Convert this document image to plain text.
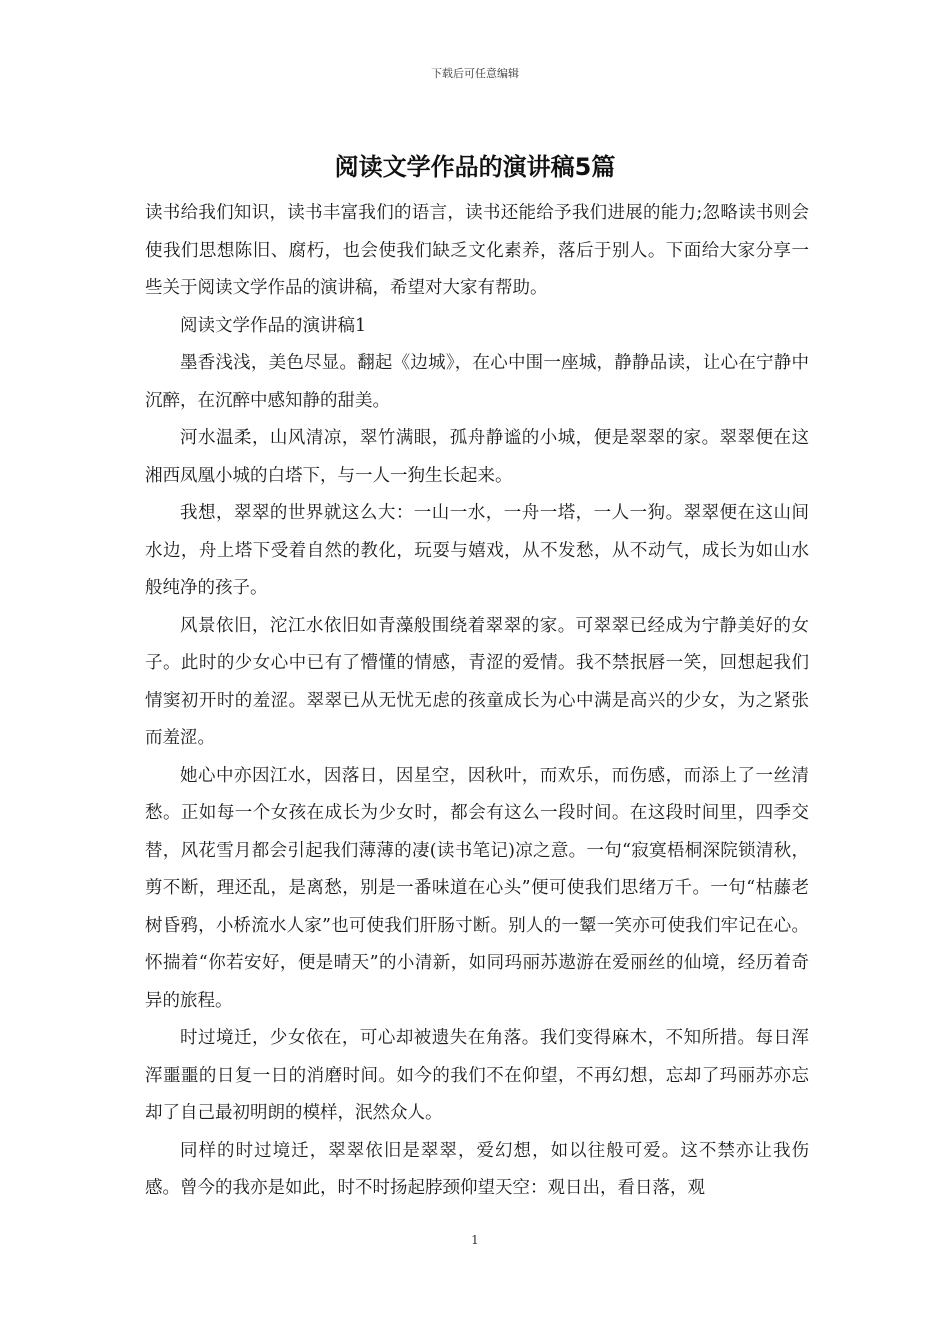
下载后可任意编辑
阅读文学作品的演讲稿5篇

读书给我们知识，读书丰富我们的语言，读书还能给予我们进展的能力;忽略读书则会使我们思想陈旧、腐朽，也会使我们缺乏文化素养，落后于别人。下面给大家分享一些关于阅读文学作品的演讲稿，希望对大家有帮助。

阅读文学作品的演讲稿1

墨香浅浅，美色尽显。翻起《边城》，在心中围一座城，静静品读，让心在宁静中沉醉，在沉醉中感知静的甜美。

河水温柔，山风清凉，翠竹满眼，孤舟静谧的小城，便是翠翠的家。翠翠便在这湘西凤凰小城的白塔下，与一人一狗生长起来。

我想，翠翠的世界就这么大：一山一水，一舟一塔，一人一狗。翠翠便在这山间水边，舟上塔下受着自然的教化，玩耍与嬉戏，从不发愁，从不动气，成长为如山水般纯净的孩子。

风景依旧，沱江水依旧如青藻般围绕着翠翠的家。可翠翠已经成为宁静美好的女子。此时的少女心中已有了懵懂的情感，青涩的爱情。我不禁抿唇一笑，回想起我们情窦初开时的羞涩。翠翠已从无忧无虑的孩童成长为心中满是高兴的少女，为之紧张而羞涩。

她心中亦因江水，因落日，因星空，因秋叶，而欢乐，而伤感，而添上了一丝清愁。正如每一个女孩在成长为少女时，都会有这么一段时间。在这段时间里，四季交替，风花雪月都会引起我们薄薄的凄(读书笔记)凉之意。一句“寂寞梧桐深院锁清秋，剪不断，理还乱，是离愁，别是一番味道在心头”便可使我们思绪万千。一句“枯藤老树昏鸦，小桥流水人家”也可使我们肝肠寸断。别人的一颦一笑亦可使我们牢记在心。怀揣着“你若安好，便是晴天”的小清新，如同玛丽苏遨游在爱丽丝的仙境，经历着奇异的旅程。

时过境迁，少女依在，可心却被遗失在角落。我们变得麻木，不知所措。每日浑浑噩噩的日复一日的消磨时间。如今的我们不在仰望，不再幻想，忘却了玛丽苏亦忘却了自己最初明朗的模样，泯然众人。

同样的时过境迁，翠翠依旧是翠翠，爱幻想，如以往般可爱。这不禁亦让我伤感。曾今的我亦是如此，时不时扬起脖颈仰望天空：观日出，看日落，观

1
